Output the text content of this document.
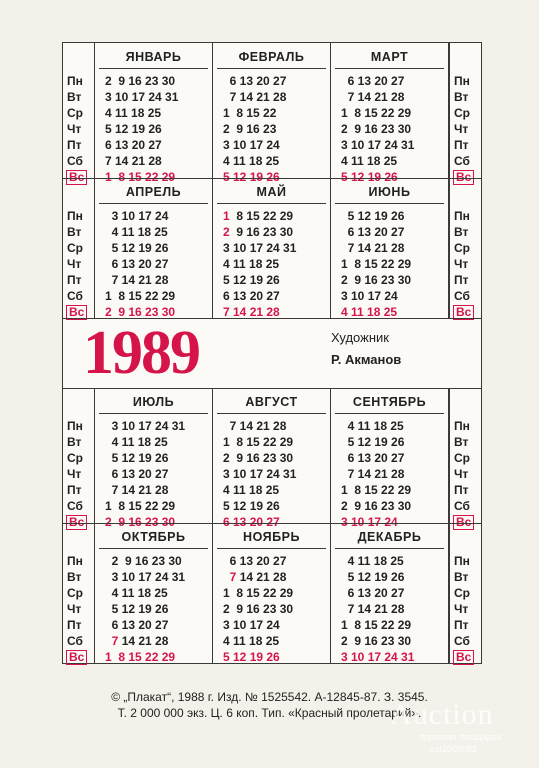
Пн
Вт
Ср
Чт
Пт
Сб
Вс
ЯНВАРЬ
2  9 16 23 30
3 10 17 24 31
4 11 18 25
5 12 19 26
6 13 20 27
7 14 21 28
1  8 15 22 29
ФЕВРАЛЬ
6 13 20 27
7 14 21 28
1  8 15 22
2  9 16 23
3 10 17 24
4 11 18 25
5 12 19 26
МАРТ
6 13 20 27
7 14 21 28
1  8 15 22 29
2  9 16 23 30
3 10 17 24 31
4 11 18 25
5 12 19 26
Пн
Вт
Ср
Чт
Пт
Сб
Вс
Пн
Вт
Ср
Чт
Пт
Сб
Вс
АПРЕЛЬ
3 10 17 24
4 11 18 25
5 12 19 26
6 13 20 27
7 14 21 28
1  8 15 22 29
2  9 16 23 30
МАЙ
1  8 15 22 29
2  9 16 23 30
3 10 17 24 31
4 11 18 25
5 12 19 26
6 13 20 27
7 14 21 28
ИЮНЬ
5 12 19 26
6 13 20 27
7 14 21 28
1  8 15 22 29
2  9 16 23 30
3 10 17 24
4 11 18 25
Пн
Вт
Ср
Чт
Пт
Сб
Вс
Пн
Вт
Ср
Чт
Пт
Сб
Вс
ИЮЛЬ
3 10 17 24 31
4 11 18 25
5 12 19 26
6 13 20 27
7 14 21 28
1  8 15 22 29
2  9 16 23 30
АВГУСТ
7 14 21 28
1  8 15 22 29
2  9 16 23 30
3 10 17 24 31
4 11 18 25
5 12 19 26
6 13 20 27
СЕНТЯБРЬ
4 11 18 25
5 12 19 26
6 13 20 27
7 14 21 28
1  8 15 22 29
2  9 16 23 30
3 10 17 24
Пн
Вт
Ср
Чт
Пт
Сб
Вс
Пн
Вт
Ср
Чт
Пт
Сб
Вс
ОКТЯБРЬ
2  9 16 23 30
3 10 17 24 31
4 11 18 25
5 12 19 26
6 13 20 27
7 14 21 28
1  8 15 22 29
НОЯБРЬ
6 13 20 27
7 14 21 28
1  8 15 22 29
2  9 16 23 30
3 10 17 24
4 11 18 25
5 12 19 26
ДЕКАБРЬ
4 11 18 25
5 12 19 26
6 13 20 27
7 14 21 28
1  8 15 22 29
2  9 16 23 30
3 10 17 24 31
Пн
Вт
Ср
Чт
Пт
Сб
Вс
1989	Художник
Р. Акманов
© „Плакат“, 1988 г. Изд. № 1525542. А-12845-87. З. 3545.
Т. 2 000 000 экз. Ц. 6 коп. Тип. «Красный пролетарий».
Auction
торговая площадка
cat2008082
